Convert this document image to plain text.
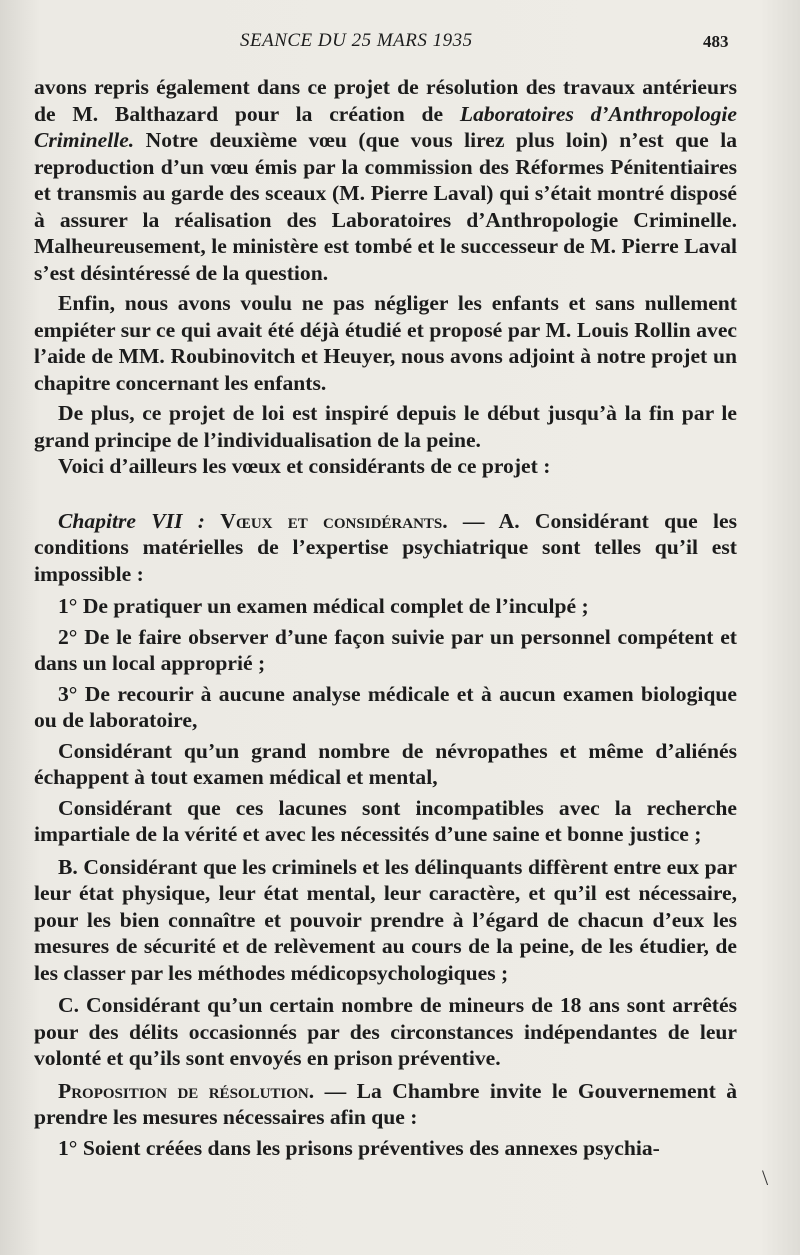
SEANCE DU 25 MARS 1935	483

avons repris également dans ce projet de résolution des travaux antérieurs de M. Balthazard pour la création de Laboratoires d’Anthropologie Criminelle. Notre deuxième vœu (que vous lirez plus loin) n’est que la reproduction d’un vœu émis par la commission des Réformes Pénitentiaires et transmis au garde des sceaux (M. Pierre Laval) qui s’était montré disposé à assurer la réalisation des Laboratoires d’Anthropologie Criminelle. Malheureusement, le ministère est tombé et le successeur de M. Pierre Laval s’est désintéressé de la question.

Enfin, nous avons voulu ne pas négliger les enfants et sans nullement empiéter sur ce qui avait été déjà étudié et proposé par M. Louis Rollin avec l’aide de MM. Roubinovitch et Heuyer, nous avons adjoint à notre projet un chapitre concernant les enfants.

De plus, ce projet de loi est inspiré depuis le début jusqu’à la fin par le grand principe de l’individualisation de la peine.

Voici d’ailleurs les vœux et considérants de ce projet :

Chapitre VII : Vœux et considérants. — A. Considérant que les conditions matérielles de l’expertise psychiatrique sont telles qu’il est impossible :

1° De pratiquer un examen médical complet de l’inculpé ;

2° De le faire observer d’une façon suivie par un personnel compétent et dans un local approprié ;

3° De recourir à aucune analyse médicale et à aucun examen biologique ou de laboratoire,

Considérant qu’un grand nombre de névropathes et même d’aliénés échappent à tout examen médical et mental,

Considérant que ces lacunes sont incompatibles avec la recherche impartiale de la vérité et avec les nécessités d’une saine et bonne justice ;

B. Considérant que les criminels et les délinquants diffèrent entre eux par leur état physique, leur état mental, leur caractère, et qu’il est nécessaire, pour les bien connaître et pouvoir prendre à l’égard de chacun d’eux les mesures de sécurité et de relèvement au cours de la peine, de les étudier, de les classer par les méthodes médicopsychologiques ;

C. Considérant qu’un certain nombre de mineurs de 18 ans sont arrêtés pour des délits occasionnés par des circonstances indépendantes de leur volonté et qu’ils sont envoyés en prison préventive.

Proposition de résolution. — La Chambre invite le Gouvernement à prendre les mesures nécessaires afin que :

1° Soient créées dans les prisons préventives des annexes psychia-

\
